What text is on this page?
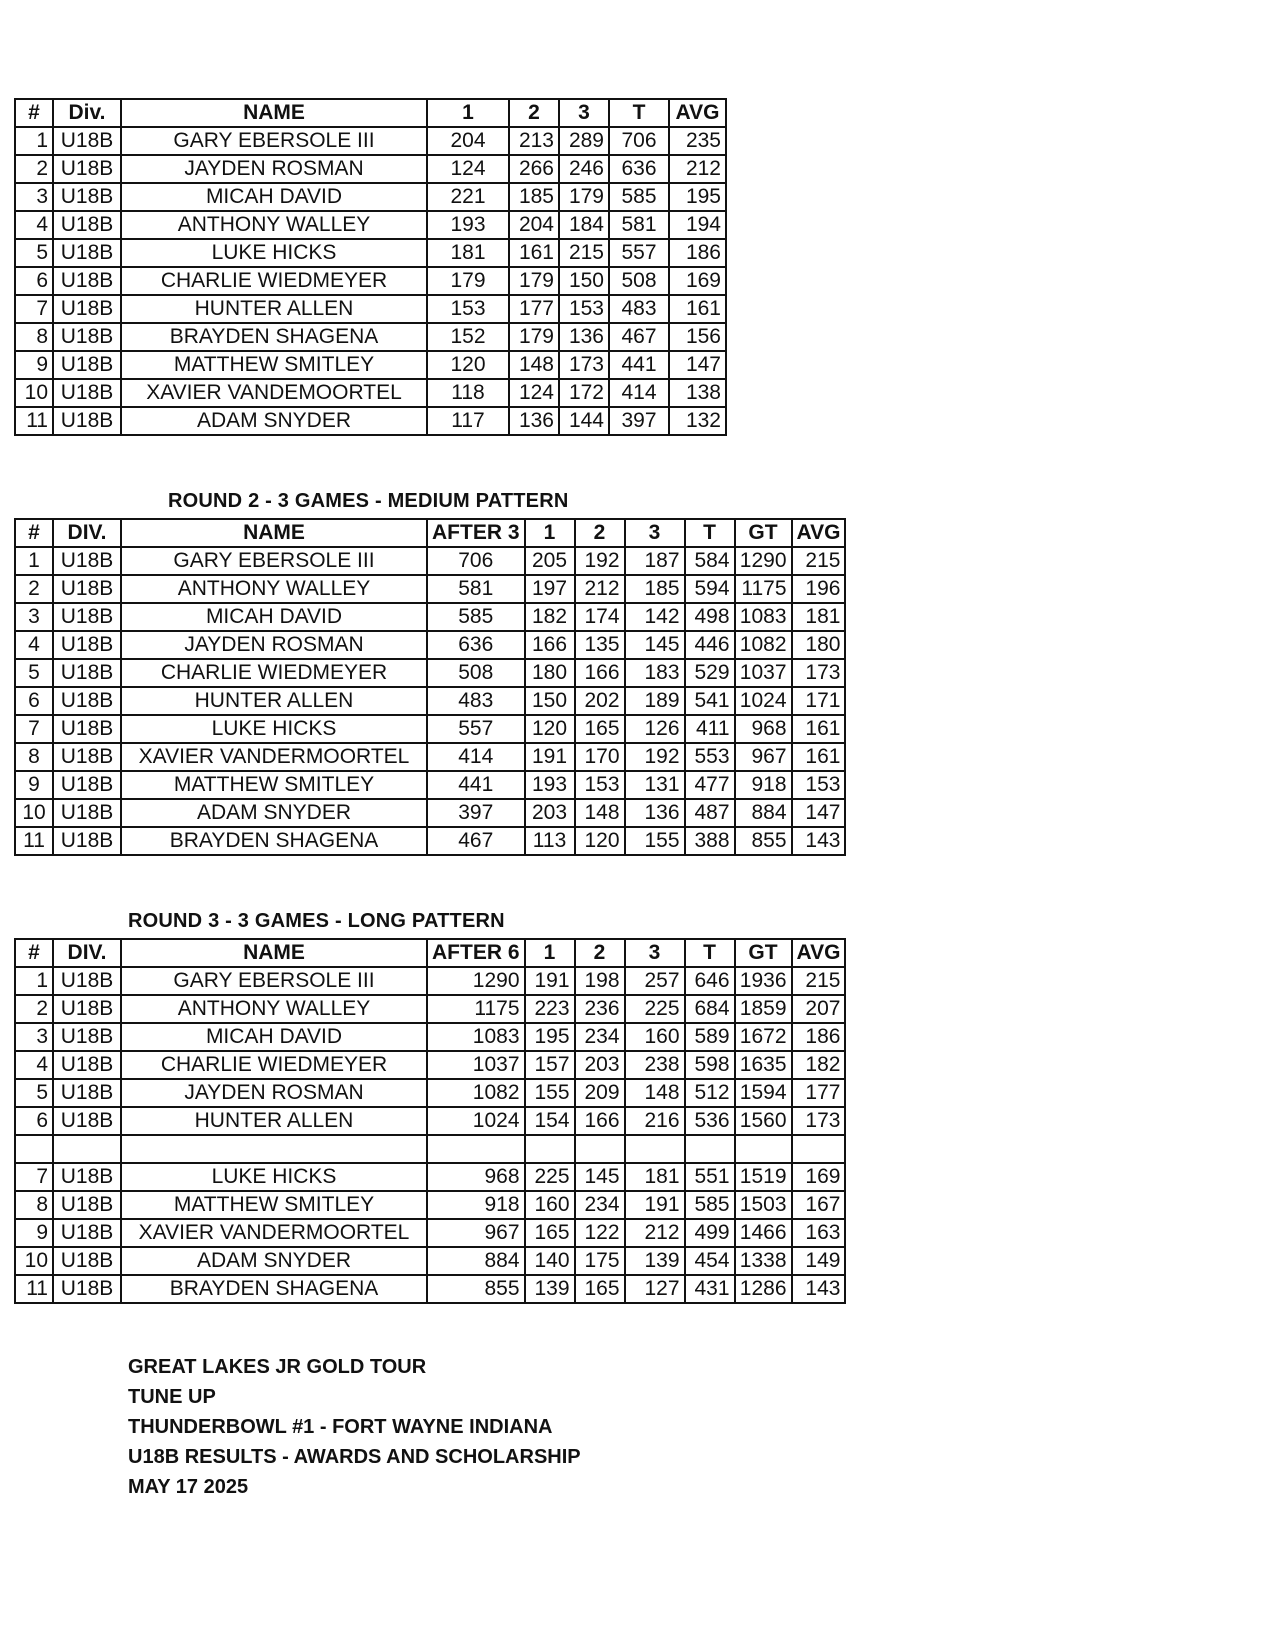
#	Div.	NAME	1	2	3	T	AVG
1	U18B	GARY EBERSOLE III	204	213	289	706	235
2	U18B	JAYDEN ROSMAN	124	266	246	636	212
3	U18B	MICAH DAVID	221	185	179	585	195
4	U18B	ANTHONY WALLEY	193	204	184	581	194
5	U18B	LUKE HICKS	181	161	215	557	186
6	U18B	CHARLIE WIEDMEYER	179	179	150	508	169
7	U18B	HUNTER ALLEN	153	177	153	483	161
8	U18B	BRAYDEN SHAGENA	152	179	136	467	156
9	U18B	MATTHEW SMITLEY	120	148	173	441	147
10	U18B	XAVIER VANDEMOORTEL	118	124	172	414	138
11	U18B	ADAM SNYDER	117	136	144	397	132
ROUND 2 - 3 GAMES - MEDIUM PATTERN
#	DIV.	NAME	AFTER 3	1	2	3	T	GT	AVG
1	U18B	GARY EBERSOLE III	706	205	192	187	584	1290	215
2	U18B	ANTHONY WALLEY	581	197	212	185	594	1175	196
3	U18B	MICAH DAVID	585	182	174	142	498	1083	181
4	U18B	JAYDEN ROSMAN	636	166	135	145	446	1082	180
5	U18B	CHARLIE WIEDMEYER	508	180	166	183	529	1037	173
6	U18B	HUNTER ALLEN	483	150	202	189	541	1024	171
7	U18B	LUKE HICKS	557	120	165	126	411	968	161
8	U18B	XAVIER VANDERMOORTEL	414	191	170	192	553	967	161
9	U18B	MATTHEW SMITLEY	441	193	153	131	477	918	153
10	U18B	ADAM SNYDER	397	203	148	136	487	884	147
11	U18B	BRAYDEN SHAGENA	467	113	120	155	388	855	143
ROUND 3 - 3 GAMES - LONG PATTERN
#	DIV.	NAME	AFTER 6	1	2	3	T	GT	AVG
1	U18B	GARY EBERSOLE III	1290	191	198	257	646	1936	215
2	U18B	ANTHONY WALLEY	1175	223	236	225	684	1859	207
3	U18B	MICAH DAVID	1083	195	234	160	589	1672	186
4	U18B	CHARLIE WIEDMEYER	1037	157	203	238	598	1635	182
5	U18B	JAYDEN ROSMAN	1082	155	209	148	512	1594	177
6	U18B	HUNTER ALLEN	1024	154	166	216	536	1560	173

7	U18B	LUKE HICKS	968	225	145	181	551	1519	169
8	U18B	MATTHEW SMITLEY	918	160	234	191	585	1503	167
9	U18B	XAVIER VANDERMOORTEL	967	165	122	212	499	1466	163
10	U18B	ADAM SNYDER	884	140	175	139	454	1338	149
11	U18B	BRAYDEN SHAGENA	855	139	165	127	431	1286	143
GREAT LAKES JR GOLD TOUR
TUNE UP
THUNDERBOWL #1 - FORT WAYNE INDIANA
U18B RESULTS - AWARDS AND SCHOLARSHIP
MAY 17 2025
